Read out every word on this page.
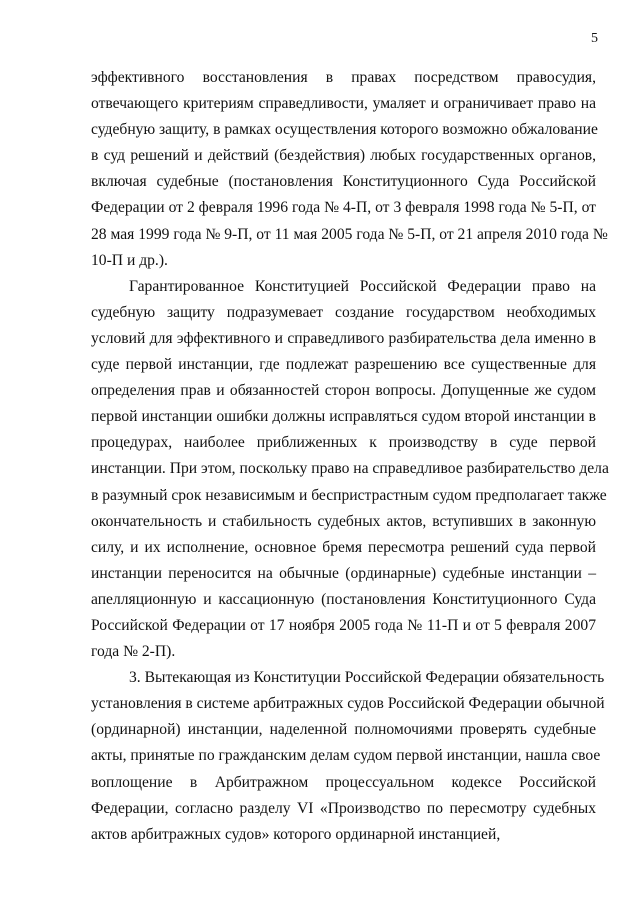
5
эффективного восстановления в правах посредством правосудия,
отвечающего критериям справедливости, умаляет и ограничивает право на
судебную защиту, в рамках осуществления которого возможно обжалование
в суд решений и действий (бездействия) любых государственных органов,
включая судебные (постановления Конституционного Суда Российской
Федерации от 2 февраля 1996 года № 4-П, от 3 февраля 1998 года № 5-П, от
28 мая 1999 года № 9-П, от 11 мая 2005 года № 5-П, от 21 апреля 2010 года №
10-П и др.).
Гарантированное Конституцией Российской Федерации право на
судебную защиту подразумевает создание государством необходимых
условий для эффективного и справедливого разбирательства дела именно в
суде первой инстанции, где подлежат разрешению все существенные для
определения прав и обязанностей сторон вопросы. Допущенные же судом
первой инстанции ошибки должны исправляться судом второй инстанции в
процедурах, наиболее приближенных к производству в суде первой
инстанции. При этом, поскольку право на справедливое разбирательство дела
в разумный срок независимым и беспристрастным судом предполагает также
окончательность и стабильность судебных актов, вступивших в законную
силу, и их исполнение, основное бремя пересмотра решений суда первой
инстанции переносится на обычные (ординарные) судебные инстанции –
апелляционную и кассационную (постановления Конституционного Суда
Российской Федерации от 17 ноября 2005 года № 11-П и от 5 февраля 2007
года № 2-П).
3. Вытекающая из Конституции Российской Федерации обязательность
установления в системе арбитражных судов Российской Федерации обычной
(ординарной) инстанции, наделенной полномочиями проверять судебные
акты, принятые по гражданским делам судом первой инстанции, нашла свое
воплощение в Арбитражном процессуальном кодексе Российской
Федерации, согласно разделу VI «Производство по пересмотру судебных
актов арбитражных судов» которого ординарной инстанцией,
